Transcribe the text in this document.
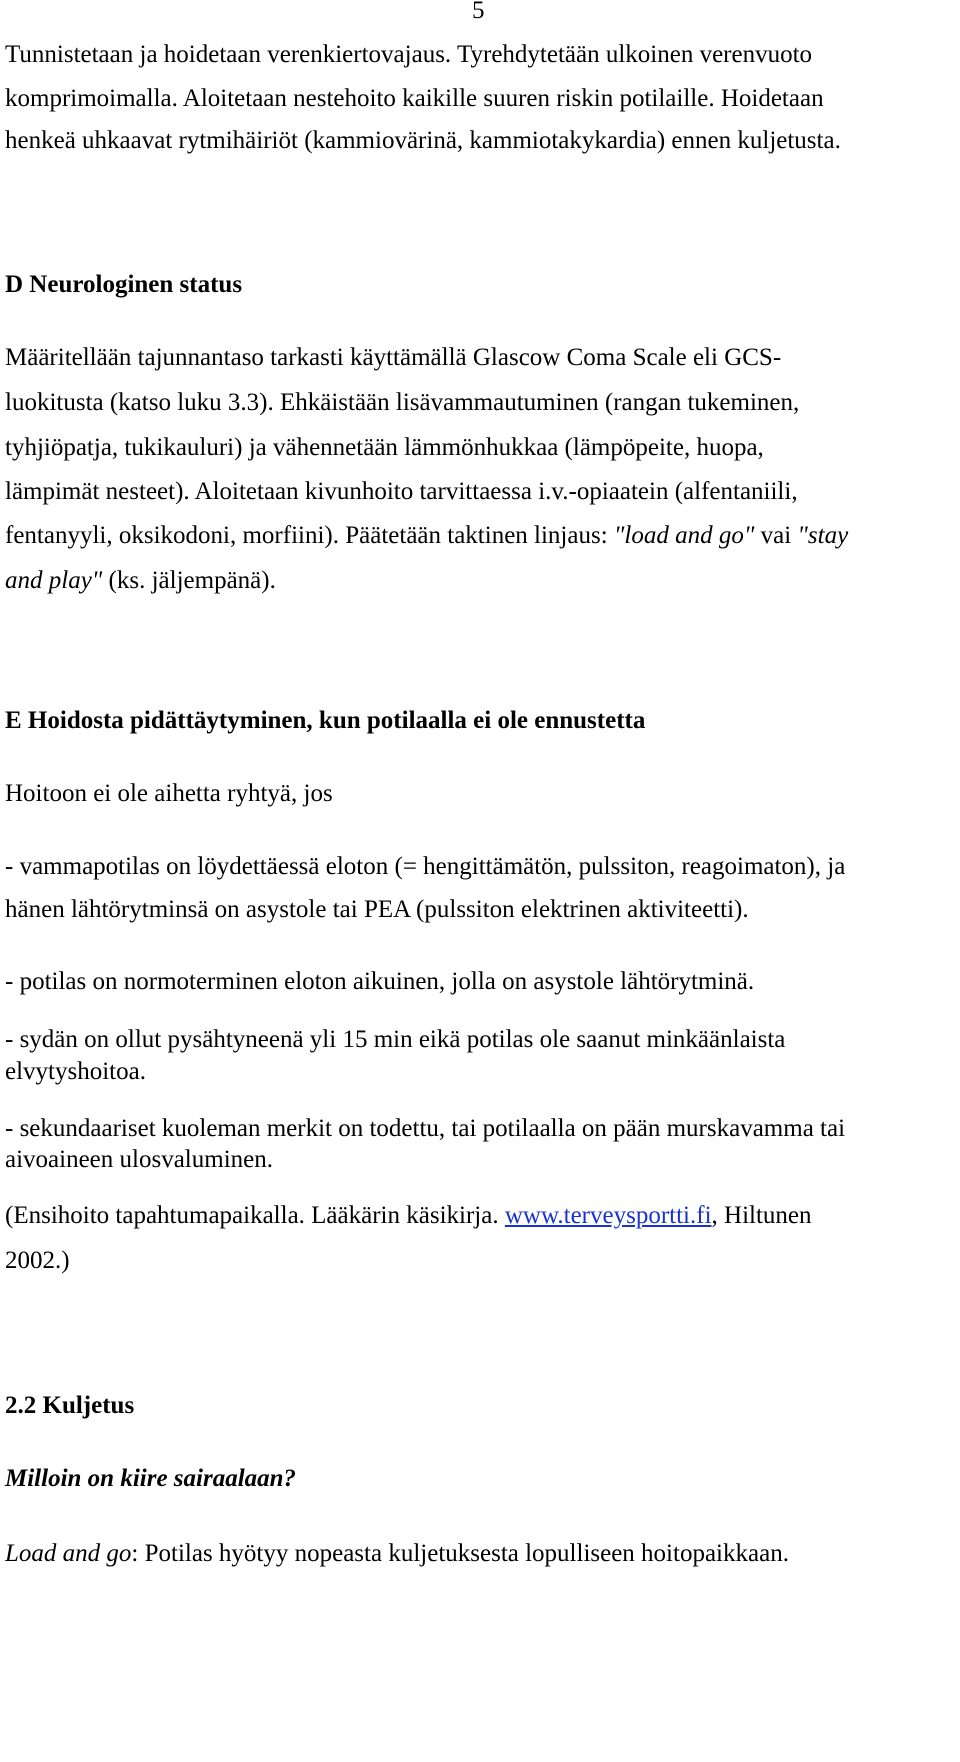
5
Tunnistetaan ja hoidetaan verenkiertovajaus. Tyrehdytetään ulkoinen verenvuoto
komprimoimalla. Aloitetaan nestehoito kaikille suuren riskin potilaille. Hoidetaan
henkeä uhkaavat rytmihäiriöt (kammiovärinä, kammiotakykardia) ennen kuljetusta.
D Neurologinen status
Määritellään tajunnantaso tarkasti käyttämällä Glascow Coma Scale eli GCS-
luokitusta (katso luku 3.3). Ehkäistään lisävammautuminen (rangan tukeminen,
tyhjiöpatja, tukikauluri) ja vähennetään lämmönhukkaa (lämpöpeite, huopa,
lämpimät nesteet). Aloitetaan kivunhoito tarvittaessa i.v.-opiaatein (alfentaniili,
fentanyyli, oksikodoni, morfiini). Päätetään taktinen linjaus: "load and go" vai "stay
and play" (ks. jäljempänä).
E Hoidosta pidättäytyminen, kun potilaalla ei ole ennustetta
Hoitoon ei ole aihetta ryhtyä, jos
- vammapotilas on löydettäessä eloton (= hengittämätön, pulssiton, reagoimaton), ja
hänen lähtörytminsä on asystole tai PEA (pulssiton elektrinen aktiviteetti).
- potilas on normoterminen eloton aikuinen, jolla on asystole lähtörytminä.
- sydän on ollut pysähtyneenä yli 15 min eikä potilas ole saanut minkäänlaista
elvytyshoitoa.
- sekundaariset kuoleman merkit on todettu, tai potilaalla on pään murskavamma tai
aivoaineen ulosvaluminen.
(Ensihoito tapahtumapaikalla. Lääkärin käsikirja. www.terveysportti.fi, Hiltunen
2002.)
2.2 Kuljetus
Milloin on kiire sairaalaan?
Load and go: Potilas hyötyy nopeasta kuljetuksesta lopulliseen hoitopaikkaan.
